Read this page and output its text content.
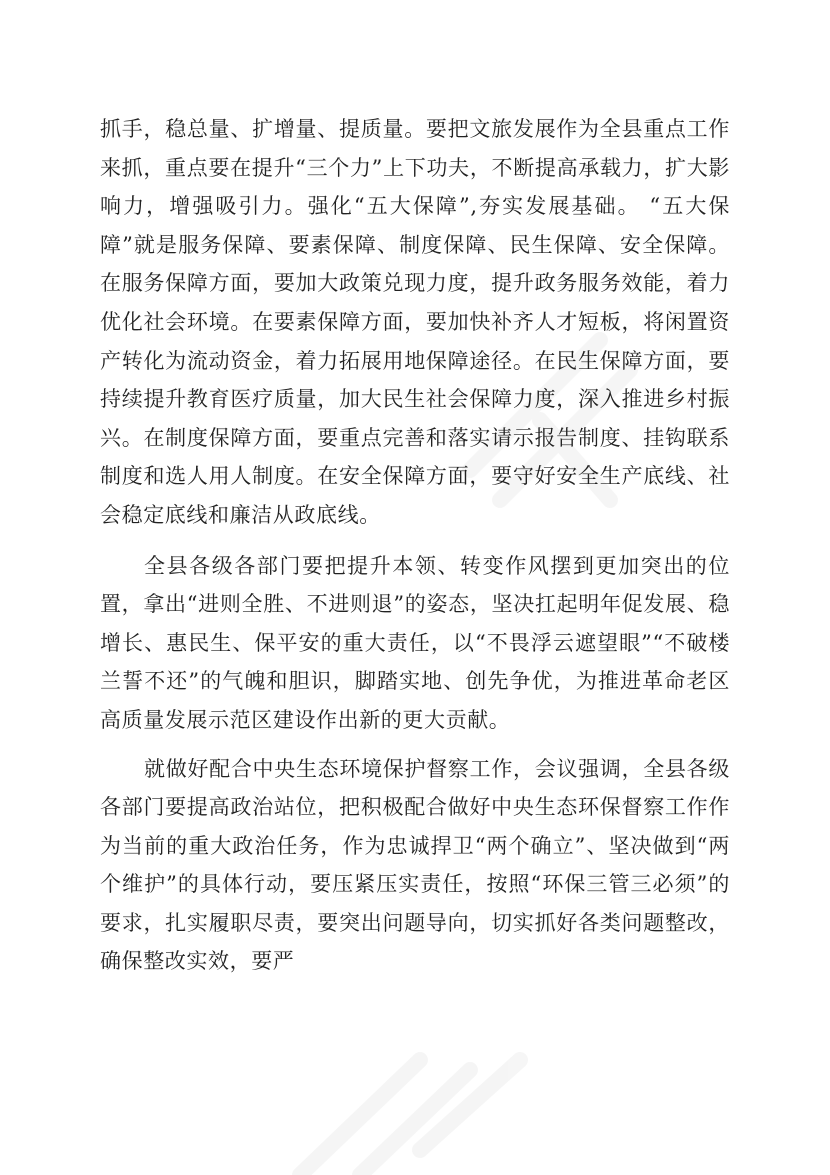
抓手，稳总量、扩增量、提质量。要把文旅发展作为全县重点工作来抓，重点要在提升“三个力”上下功夫，不断提高承载力，扩大影响力，增强吸引力。强化“五大保障”,夯实发展基础。 “五大保障”就是服务保障、要素保障、制度保障、民生保障、安全保障。在服务保障方面，要加大政策兑现力度，提升政务服务效能，着力优化社会环境。在要素保障方面，要加快补齐人才短板，将闲置资产转化为流动资金，着力拓展用地保障途径。在民生保障方面，要持续提升教育医疗质量，加大民生社会保障力度，深入推进乡村振兴。在制度保障方面，要重点完善和落实请示报告制度、挂钩联系制度和选人用人制度。在安全保障方面，要守好安全生产底线、社会稳定底线和廉洁从政底线。

全县各级各部门要把提升本领、转变作风摆到更加突出的位置，拿出“进则全胜、不进则退”的姿态，坚决扛起明年促发展、稳增长、惠民生、保平安的重大责任，以“不畏浮云遮望眼”“不破楼兰誓不还”的气魄和胆识，脚踏实地、创先争优，为推进革命老区高质量发展示范区建设作出新的更大贡献。

就做好配合中央生态环境保护督察工作，会议强调，全县各级各部门要提高政治站位，把积极配合做好中央生态环保督察工作作为当前的重大政治任务，作为忠诚捍卫“两个确立”、坚决做到“两个维护”的具体行动，要压紧压实责任，按照“环保三管三必须”的要求，扎实履职尽责，要突出问题导向，切实抓好各类问题整改，确保整改实效，要严
